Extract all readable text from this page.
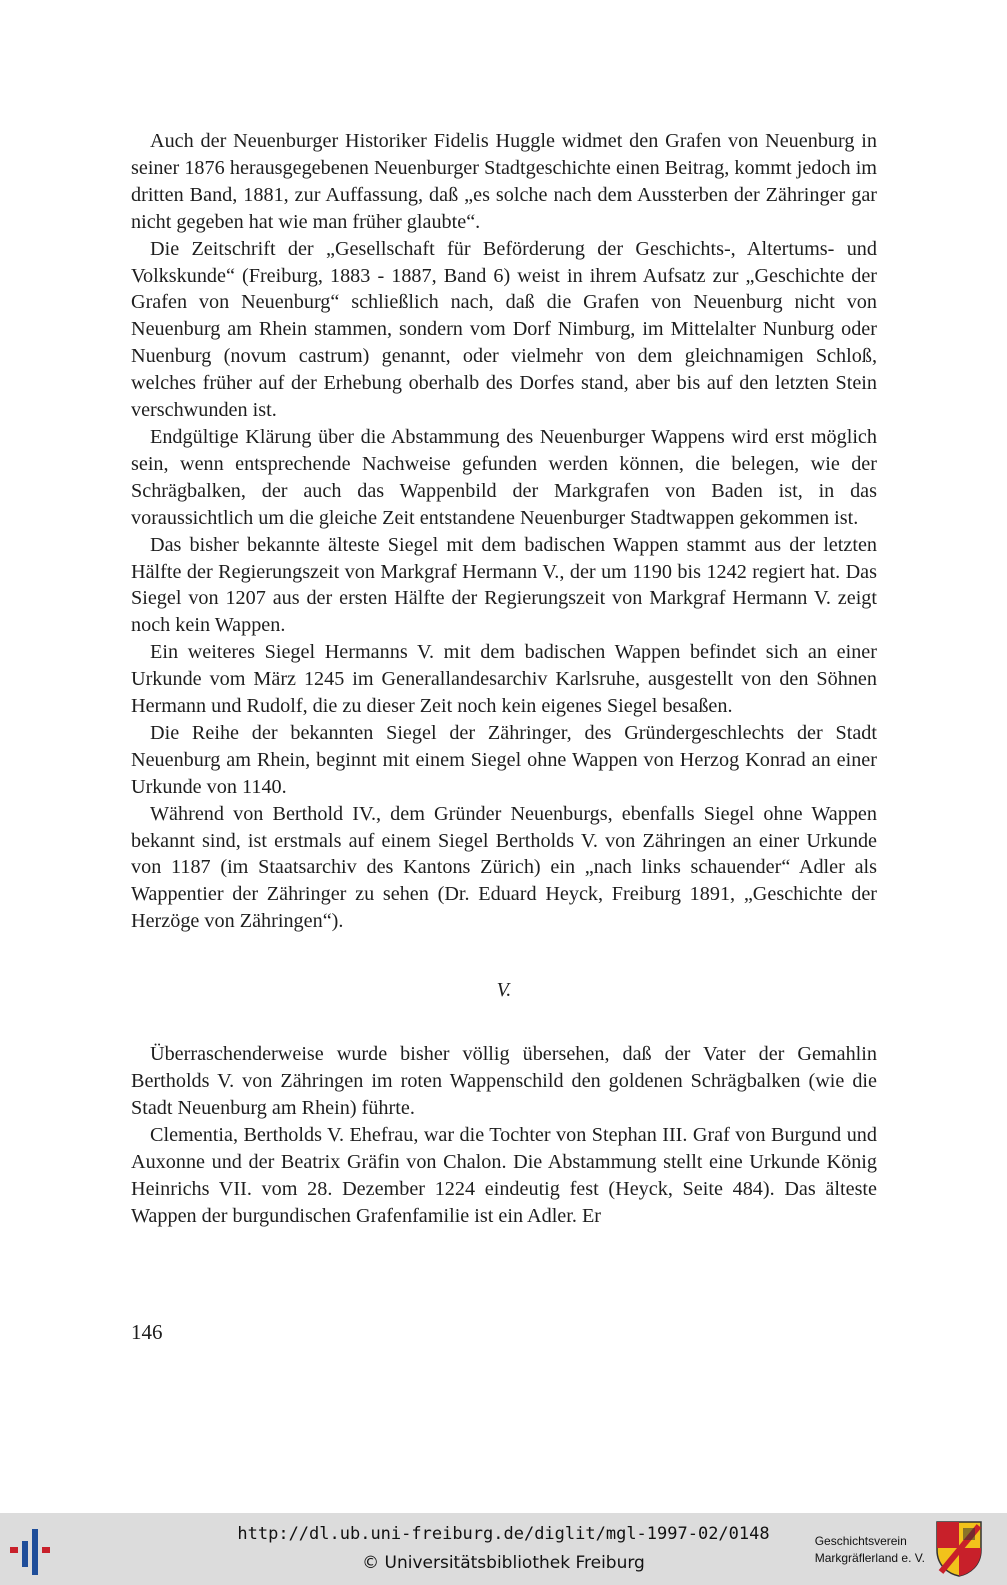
Auch der Neuenburger Historiker Fidelis Huggle widmet den Grafen von Neuenburg in seiner 1876 herausgegebenen Neuenburger Stadtgeschichte einen Beitrag, kommt jedoch im dritten Band, 1881, zur Auffassung, daß „es solche nach dem Aussterben der Zähringer gar nicht gegeben hat wie man früher glaubte“.

Die Zeitschrift der „Gesellschaft für Beförderung der Geschichts-, Altertums- und Volkskunde“ (Freiburg, 1883 - 1887, Band 6) weist in ihrem Aufsatz zur „Geschichte der Grafen von Neuenburg“ schließlich nach, daß die Grafen von Neuenburg nicht von Neuenburg am Rhein stammen, sondern vom Dorf Nimburg, im Mittelalter Nunburg oder Nuenburg (novum castrum) genannt, oder vielmehr von dem gleichnamigen Schloß, welches früher auf der Erhebung oberhalb des Dorfes stand, aber bis auf den letzten Stein verschwunden ist.

Endgültige Klärung über die Abstammung des Neuenburger Wappens wird erst möglich sein, wenn entsprechende Nachweise gefunden werden können, die belegen, wie der Schrägbalken, der auch das Wappenbild der Markgrafen von Baden ist, in das voraussichtlich um die gleiche Zeit entstandene Neuenburger Stadtwappen gekommen ist.

Das bisher bekannte älteste Siegel mit dem badischen Wappen stammt aus der letzten Hälfte der Regierungszeit von Markgraf Hermann V., der um 1190 bis 1242 regiert hat. Das Siegel von 1207 aus der ersten Hälfte der Regierungszeit von Markgraf Hermann V. zeigt noch kein Wappen.

Ein weiteres Siegel Hermanns V. mit dem badischen Wappen befindet sich an einer Urkunde vom März 1245 im Generallandesarchiv Karlsruhe, ausgestellt von den Söhnen Hermann und Rudolf, die zu dieser Zeit noch kein eigenes Siegel besaßen.

Die Reihe der bekannten Siegel der Zähringer, des Gründergeschlechts der Stadt Neuenburg am Rhein, beginnt mit einem Siegel ohne Wappen von Herzog Konrad an einer Urkunde von 1140.

Während von Berthold IV., dem Gründer Neuenburgs, ebenfalls Siegel ohne Wappen bekannt sind, ist erstmals auf einem Siegel Bertholds V. von Zähringen an einer Urkunde von 1187 (im Staatsarchiv des Kantons Zürich) ein „nach links schauender“ Adler als Wappentier der Zähringer zu sehen (Dr. Eduard Heyck, Freiburg 1891, „Geschichte der Herzöge von Zähringen“).

V.

Überraschenderweise wurde bisher völlig übersehen, daß der Vater der Gemahlin Bertholds V. von Zähringen im roten Wappenschild den goldenen Schrägbalken (wie die Stadt Neuenburg am Rhein) führte.

Clementia, Bertholds V. Ehefrau, war die Tochter von Stephan III. Graf von Burgund und Auxonne und der Beatrix Gräfin von Chalon. Die Abstammung stellt eine Urkunde König Heinrichs VII. vom 28. Dezember 1224 eindeutig fest (Heyck, Seite 484). Das älteste Wappen der burgundischen Grafenfamilie ist ein Adler. Er

146
http://dl.ub.uni-freiburg.de/diglit/mgl-1997-02/0148
© Universitätsbibliothek Freiburg
Geschichtsverein
Markgräflerland e. V.
